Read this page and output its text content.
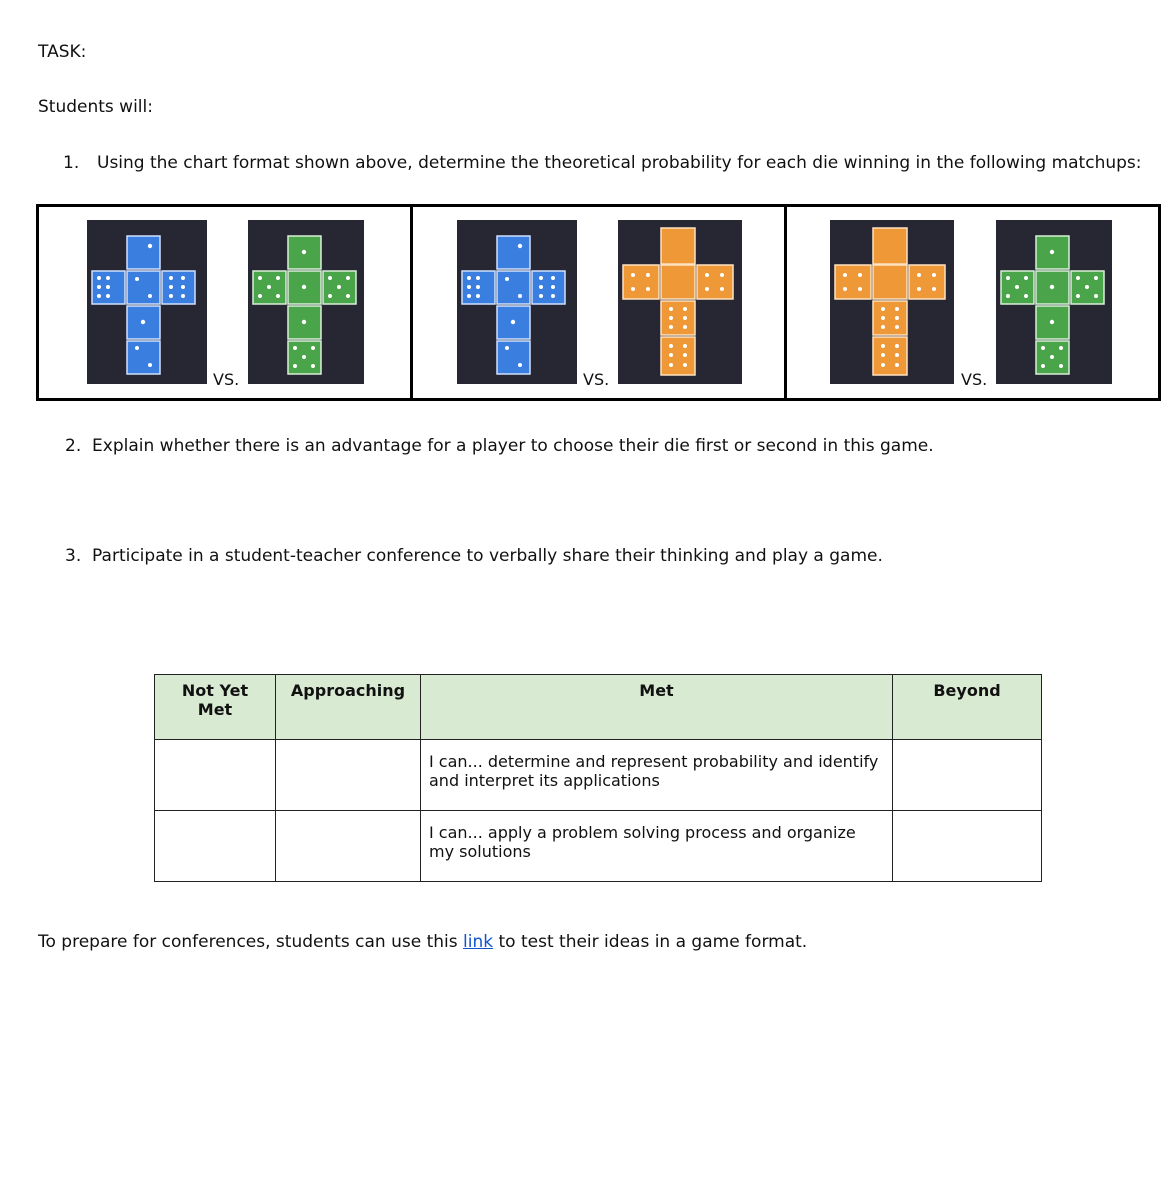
TASK:
Students will:
1. Using the chart format shown above, determine the theoretical probability for each die winning in the following matchups:
VS.	VS.	VS.
2. Explain whether there is an advantage for a player to choose their die first or second in this game.
3. Participate in a student-teacher conference to verbally share their thinking and play a game.
Not Yet Met	Approaching	Met	Beyond
		I can... determine and represent probability and identify and interpret its applications	
		I can... apply a problem solving process and organize my solutions	
To prepare for conferences, students can use this link to test their ideas in a game format.
